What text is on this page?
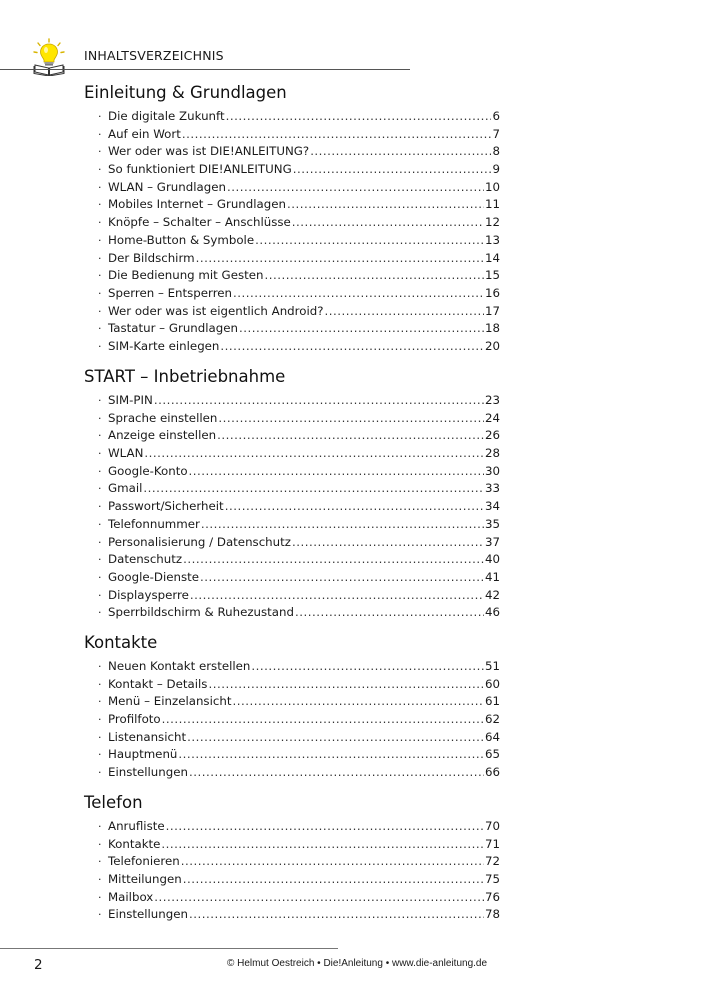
INHALTSVERZEICHNIS
Einleitung & Grundlagen
· Die digitale Zukunft .....	6
· Auf ein Wort .....	7
· Wer oder was ist DIE!ANLEITUNG? .....	8
· So funktioniert DIE!ANLEITUNG .....	9
· WLAN – Grundlagen .....	10
· Mobiles Internet – Grundlagen .....	11
· Knöpfe – Schalter – Anschlüsse .....	12
· Home-Button & Symbole .....	13
· Der Bildschirm .....	14
· Die Bedienung mit Gesten .....	15
· Sperren – Entsperren .....	16
· Wer oder was ist eigentlich Android? .....	17
· Tastatur – Grundlagen .....	18
· SIM-Karte einlegen .....	20
START – Inbetriebnahme
· SIM-PIN .....	23
· Sprache einstellen .....	24
· Anzeige einstellen .....	26
· WLAN .....	28
· Google-Konto .....	30
· Gmail .....	33
· Passwort/Sicherheit .....	34
· Telefonnummer .....	35
· Personalisierung / Datenschutz .....	37
· Datenschutz .....	40
· Google-Dienste .....	41
· Displaysperre .....	42
· Sperrbildschirm & Ruhezustand .....	46
Kontakte
· Neuen Kontakt erstellen .....	51
· Kontakt – Details .....	60
· Menü – Einzelansicht .....	61
· Profilfoto .....	62
· Listenansicht .....	64
· Hauptmenü .....	65
· Einstellungen .....	66
Telefon
· Anrufliste .....	70
· Kontakte .....	71
· Telefonieren .....	72
· Mitteilungen .....	75
· Mailbox .....	76
· Einstellungen .....	78
2	© Helmut Oestreich • Die!Anleitung • www.die-anleitung.de
